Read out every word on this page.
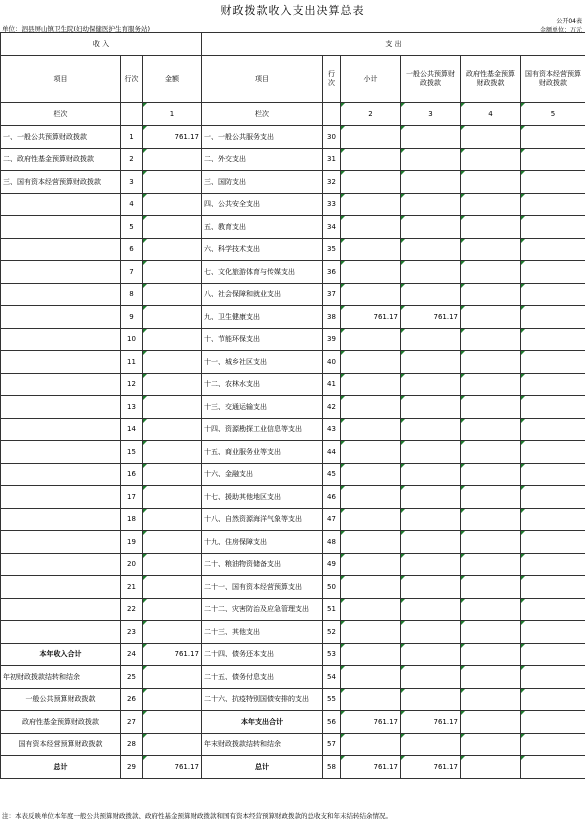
财政拨款收入支出决算总表
公开04表
单位：泗县屏山镇卫生院(妇幼保健医护生育服务站)	金额单位：万元
收 入			支 出					
项目	行次	金额	项目	行次	小计	一般公共预算财政拨款	政府性基金预算财政拨款	国有资本经营预算财政拨款
栏次		1	栏次		2	3	4	5
一、一般公共预算财政拨款	1	761.17	一、一般公共服务支出	30				
二、政府性基金预算财政拨款	2		二、外交支出	31				
三、国有资本经营预算财政拨款	3		三、国防支出	32				
	4		四、公共安全支出	33				
	5		五、教育支出	34				
	6		六、科学技术支出	35				
	7		七、文化旅游体育与传媒支出	36				
	8		八、社会保障和就业支出	37				
	9		九、卫生健康支出	38	761.17	761.17		
	10		十、节能环保支出	39				
	11		十一、城乡社区支出	40				
	12		十二、农林水支出	41				
	13		十三、交通运输支出	42				
	14		十四、资源勘探工业信息等支出	43				
	15		十五、商业服务业等支出	44				
	16		十六、金融支出	45				
	17		十七、援助其他地区支出	46				
	18		十八、自然资源海洋气象等支出	47				
	19		十九、住房保障支出	48				
	20		二十、粮油物资储备支出	49				
	21		二十一、国有资本经营预算支出	50				
	22		二十二、灾害防治及应急管理支出	51				
	23		二十三、其他支出	52				
本年收入合计	24	761.17	二十四、债务还本支出	53				
年初财政拨款结转和结余	25		二十五、债务付息支出	54				
一般公共预算财政拨款	26		二十六、抗疫特别国债安排的支出	55				
政府性基金预算财政拨款	27		本年支出合计	56	761.17	761.17		
国有资本经营预算财政拨款	28		年末财政拨款结转和结余	57				
总计	29	761.17	总计	58	761.17	761.17		
注：本表反映单位本年度一般公共预算财政拨款、政府性基金预算财政拨款和国有资本经营预算财政拨款的总收支和年末结转结余情况。
